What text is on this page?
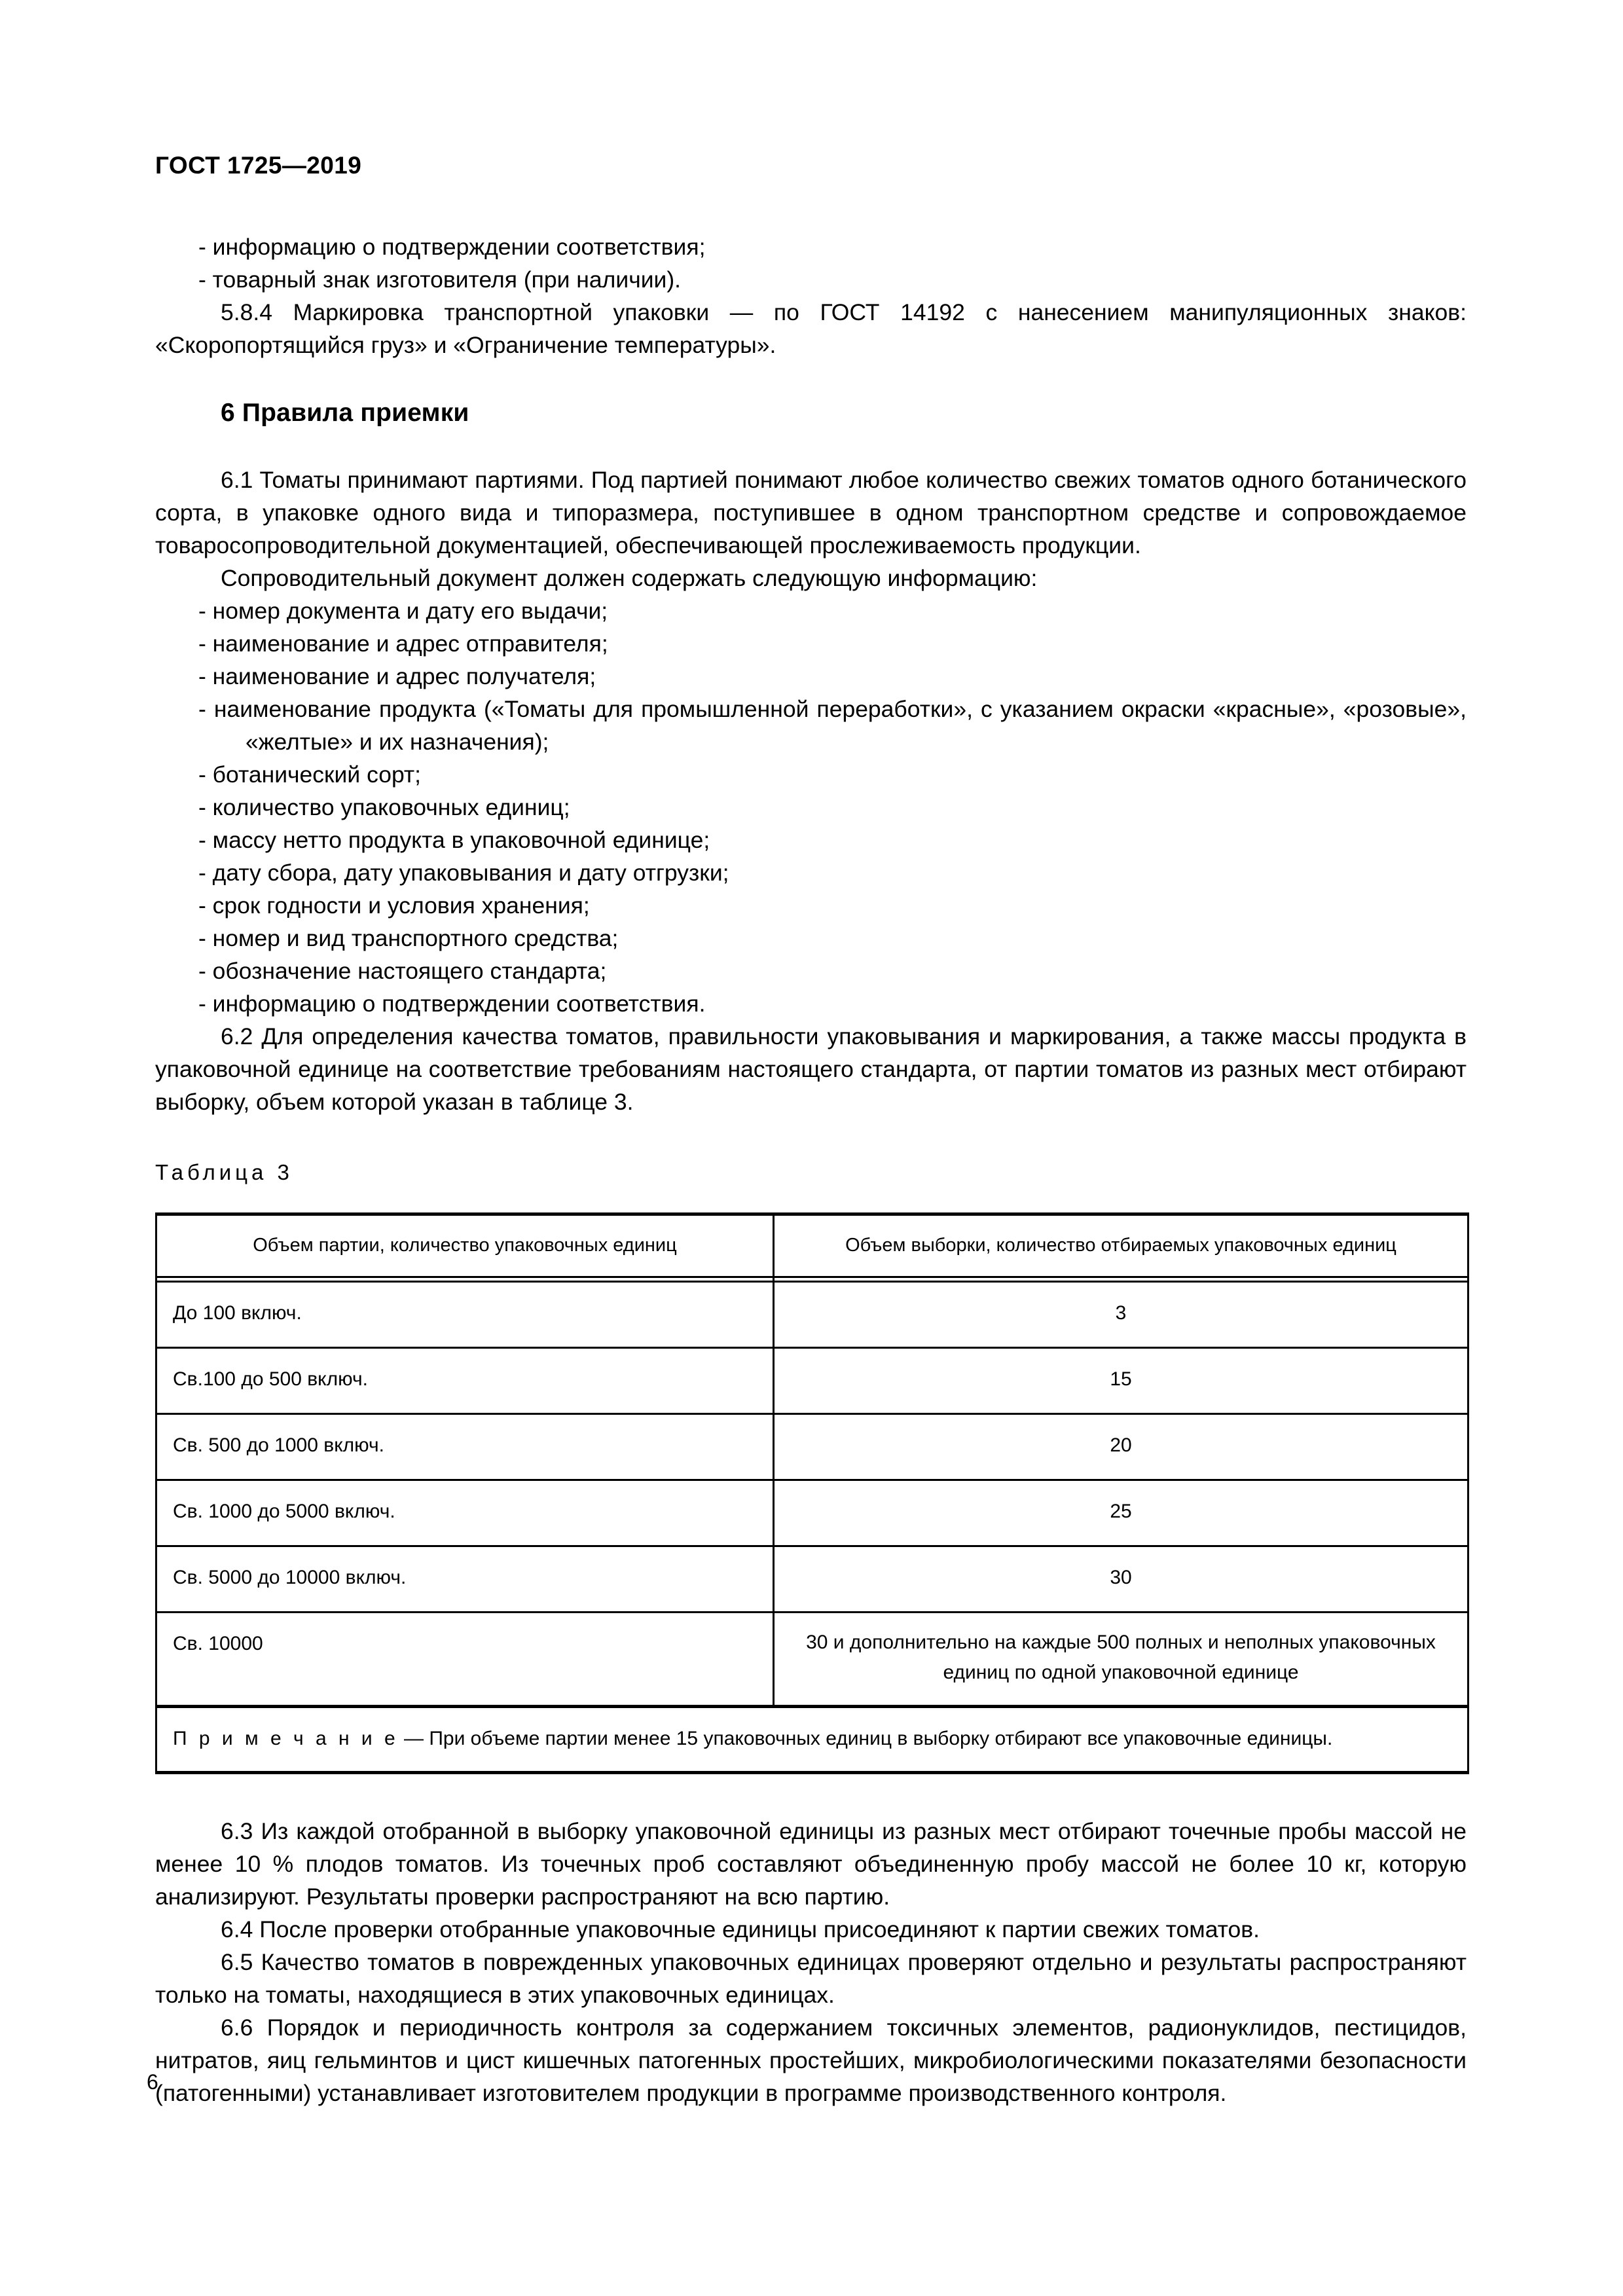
ГОСТ 1725—2019

- информацию о подтверждении соответствия;

- товарный знак изготовителя (при наличии).

5.8.4 Маркировка транспортной упаковки — по ГОСТ 14192 с нанесением манипуляционных знаков: «Скоропортящийся груз» и «Ограничение температуры».

6 Правила приемки

6.1 Томаты принимают партиями. Под партией понимают любое количество свежих томатов одного ботанического сорта, в упаковке одного вида и типоразмера, поступившее в одном транспортном средстве и сопровождаемое товаросопроводительной документацией, обеспечивающей прослеживаемость продукции.

Сопроводительный документ должен содержать следующую информацию:

- номер документа и дату его выдачи;

- наименование и адрес отправителя;

- наименование и адрес получателя;

- наименование продукта («Томаты для промышленной переработки», с указанием окраски «красные», «розовые», «желтые» и их назначения);

- ботанический сорт;

- количество упаковочных единиц;

- массу нетто продукта в упаковочной единице;

- дату сбора, дату упаковывания и дату отгрузки;

- срок годности и условия хранения;

- номер и вид транспортного средства;

- обозначение настоящего стандарта;

- информацию о подтверждении соответствия.

6.2 Для определения качества томатов, правильности упаковывания и маркирования, а также массы продукта в упаковочной единице на соответствие требованиям настоящего стандарта, от партии томатов из разных мест отбирают выборку, объем которой указан в таблице 3.

Таблица 3
Объем партии, количество упаковочных единиц	Объем выборки, количество отбираемых упаковочных единиц

До 100 включ.	3
Св.100 до 500 включ.	15
Св. 500 до 1000 включ.	20
Св. 1000 до 5000 включ.	25
Св. 5000 до 10000 включ.	30
Св. 10000	30 и дополнительно на каждые 500 полных и неполных упаковочных единиц по одной упаковочной единице
П р и м е ч а н и е — При объеме партии менее 15 упаковочных единиц в выборку отбирают все упаковочные единицы.	

6.3 Из каждой отобранной в выборку упаковочной единицы из разных мест отбирают точечные пробы массой не менее 10 % плодов томатов. Из точечных проб составляют объединенную пробу массой не более 10 кг, которую анализируют. Результаты проверки распространяют на всю партию.

6.4 После проверки отобранные упаковочные единицы присоединяют к партии свежих томатов.

6.5 Качество томатов в поврежденных упаковочных единицах проверяют отдельно и результаты распространяют только на томаты, находящиеся в этих упаковочных единицах.

6.6 Порядок и периодичность контроля за содержанием токсичных элементов, радионуклидов, пестицидов, нитратов, яиц гельминтов и цист кишечных патогенных простейших, микробиологическими показателями безопасности (патогенными) устанавливает изготовителем продукции в программе производственного контроля.

6
